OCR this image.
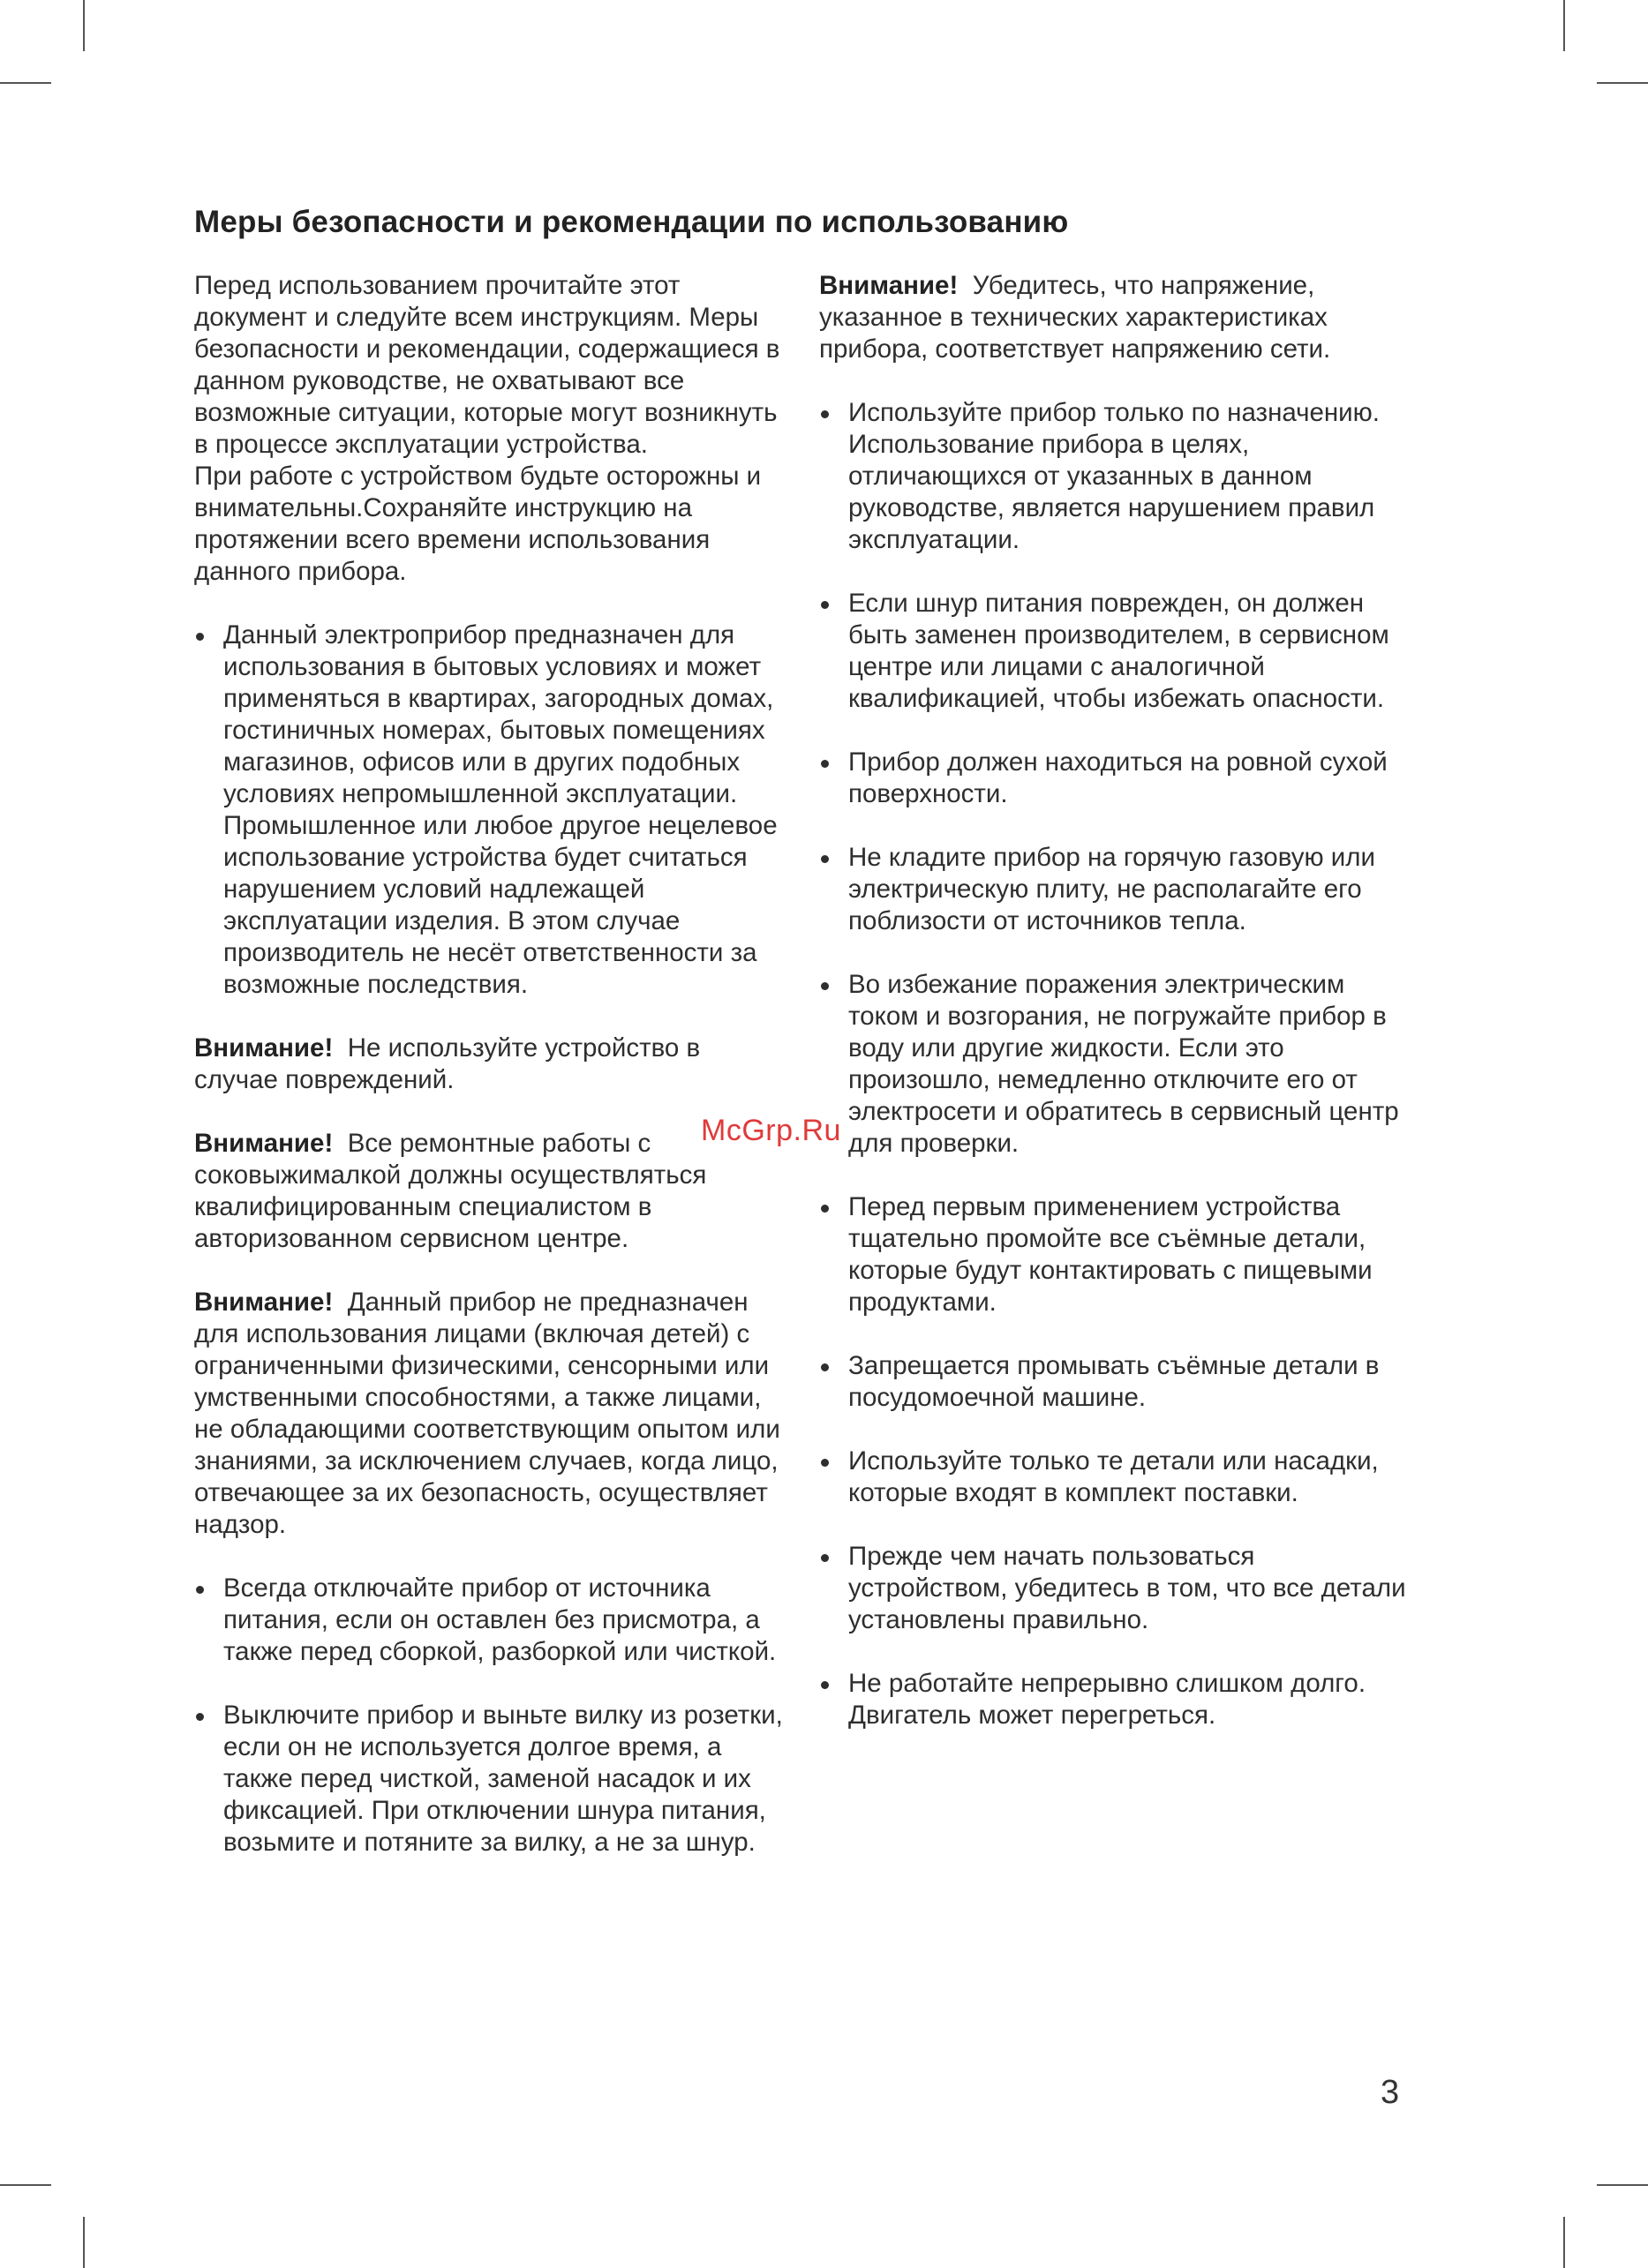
Меры безопасности и рекомендации по использованию

Перед использованием прочитайте этот документ и следуйте всем инструкциям. Меры безопасности и рекомендации, содержащиеся в данном руководстве, не охватывают все возможные ситуации, которые могут возникнуть в процессе эксплуатации устройства.

При работе с устройством будьте осторожны и внимательны.Сохраняйте инструкцию на протяжении всего времени использования данного прибора.

Данный электроприбор предназначен для использования в бытовых условиях и может применяться в квартирах, загородных домах, гостиничных номерах, бытовых помещениях магазинов, офисов или в других подобных условиях непромышленной эксплуатации. Промышленное или любое другое нецелевое использование устройства будет считаться нарушением условий надлежащей эксплуатации изделия. В этом случае производитель не несёт ответственности за возможные последствия.

Внимание! Не используйте устройство в случае повреждений.

Внимание! Все ремонтные работы с соковыжималкой должны осуществляться квалифицированным специалистом в авторизованном сервисном центре.

Внимание! Данный прибор не предназначен для использования лицами (включая детей) с ограниченными физическими, сенсорными или умственными способностями, а также лицами, не обладающими соответствующим опытом или знаниями, за исключением случаев, когда лицо, отвечающее за их безопасность, осуществляет надзор.

Всегда отключайте прибор от источника питания, если он оставлен без присмотра, а также перед сборкой, разборкой или чисткой.
Выключите прибор и выньте вилку из розетки, если он не используется долгое время, а также перед чисткой, заменой насадок и их фиксацией. При отключении шнура питания, возьмите и потяните за вилку, а не за шнур.

Внимание! Убедитесь, что напряжение, указанное в технических характеристиках прибора, соответствует напряжению сети.

Используйте прибор только по назначению. Использование прибора в целях, отличающихся от указанных в данном руководстве, является нарушением правил эксплуатации.
Если шнур питания поврежден, он должен быть заменен производителем, в сервисном центре или лицами с аналогичной квалификацией, чтобы избежать опасности.
Прибор должен находиться на ровной сухой поверхности.
Не кладите прибор на горячую газовую или электрическую плиту, не располагайте его поблизости от источников тепла.
Во избежание поражения электрическим током и возгорания, не погружайте прибор в воду или другие жидкости. Если это произошло, немедленно отключите его от электросети и обратитесь в сервисный центр для проверки.
Перед первым применением устройства тщательно промойте все съёмные детали, которые будут контактировать с пищевыми продуктами.
Запрещается промывать съёмные детали в посудомоечной машине.
Используйте только те детали или насадки, которые входят в комплект поставки.
Прежде чем начать пользоваться устройством, убедитесь в том, что все детали установлены правильно.
Не работайте непрерывно слишком долго. Двигатель может перегреться.
McGrp.Ru
3
